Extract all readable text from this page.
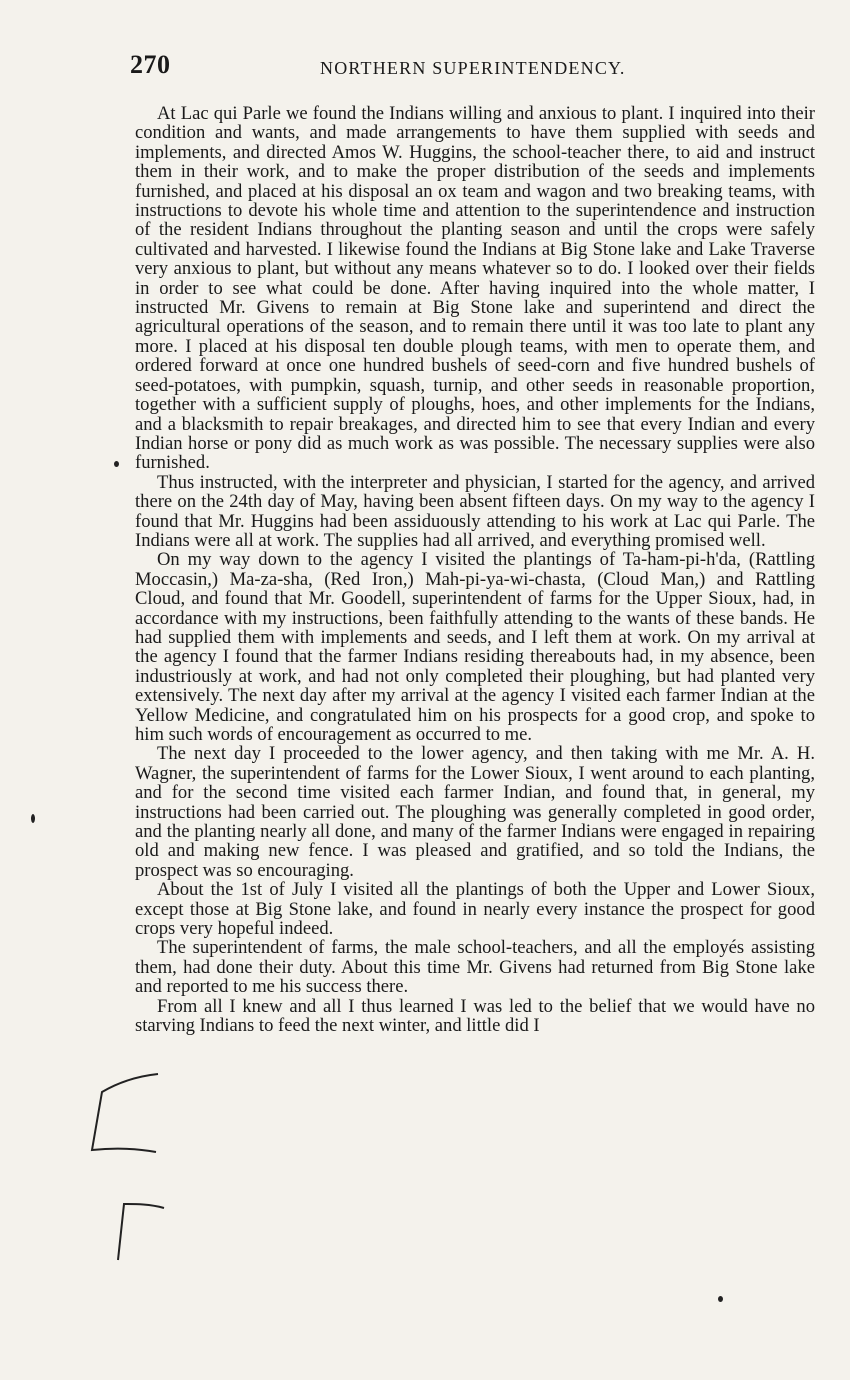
270	NORTHERN SUPERINTENDENCY.

At Lac qui Parle we found the Indians willing and anxious to plant. I inquired into their condition and wants, and made arrangements to have them supplied with seeds and implements, and directed Amos W. Huggins, the school-teacher there, to aid and instruct them in their work, and to make the proper distribution of the seeds and implements furnished, and placed at his disposal an ox team and wagon and two breaking teams, with instructions to devote his whole time and attention to the superintendence and instruction of the resident Indians throughout the planting season and until the crops were safely cultivated and harvested. I likewise found the Indians at Big Stone lake and Lake Traverse very anxious to plant, but without any means whatever so to do. I looked over their fields in order to see what could be done. After having inquired into the whole matter, I instructed Mr. Givens to remain at Big Stone lake and superintend and direct the agricultural operations of the season, and to remain there until it was too late to plant any more. I placed at his disposal ten double plough teams, with men to operate them, and ordered forward at once one hundred bushels of seed-corn and five hundred bushels of seed-potatoes, with pumpkin, squash, turnip, and other seeds in reasonable proportion, together with a sufficient supply of ploughs, hoes, and other implements for the Indians, and a blacksmith to repair breakages, and directed him to see that every Indian and every Indian horse or pony did as much work as was possible. The necessary supplies were also furnished.

Thus instructed, with the interpreter and physician, I started for the agency, and arrived there on the 24th day of May, having been absent fifteen days. On my way to the agency I found that Mr. Huggins had been assiduously attending to his work at Lac qui Parle. The Indians were all at work. The supplies had all arrived, and everything promised well.

On my way down to the agency I visited the plantings of Ta-ham-pi-h'da, (Rattling Moccasin,) Ma-za-sha, (Red Iron,) Mah-pi-ya-wi-chasta, (Cloud Man,) and Rattling Cloud, and found that Mr. Goodell, superintendent of farms for the Upper Sioux, had, in accordance with my instructions, been faithfully attending to the wants of these bands. He had supplied them with implements and seeds, and I left them at work. On my arrival at the agency I found that the farmer Indians residing thereabouts had, in my absence, been industriously at work, and had not only completed their ploughing, but had planted very extensively. The next day after my arrival at the agency I visited each farmer Indian at the Yellow Medicine, and congratulated him on his prospects for a good crop, and spoke to him such words of encouragement as occurred to me.

The next day I proceeded to the lower agency, and then taking with me Mr. A. H. Wagner, the superintendent of farms for the Lower Sioux, I went around to each planting, and for the second time visited each farmer Indian, and found that, in general, my instructions had been carried out. The ploughing was generally completed in good order, and the planting nearly all done, and many of the farmer Indians were engaged in repairing old and making new fence. I was pleased and gratified, and so told the Indians, the prospect was so encouraging.

About the 1st of July I visited all the plantings of both the Upper and Lower Sioux, except those at Big Stone lake, and found in nearly every instance the prospect for good crops very hopeful indeed.

The superintendent of farms, the male school-teachers, and all the employés assisting them, had done their duty. About this time Mr. Givens had returned from Big Stone lake and reported to me his success there.

From all I knew and all I thus learned I was led to the belief that we would have no starving Indians to feed the next winter, and little did I
